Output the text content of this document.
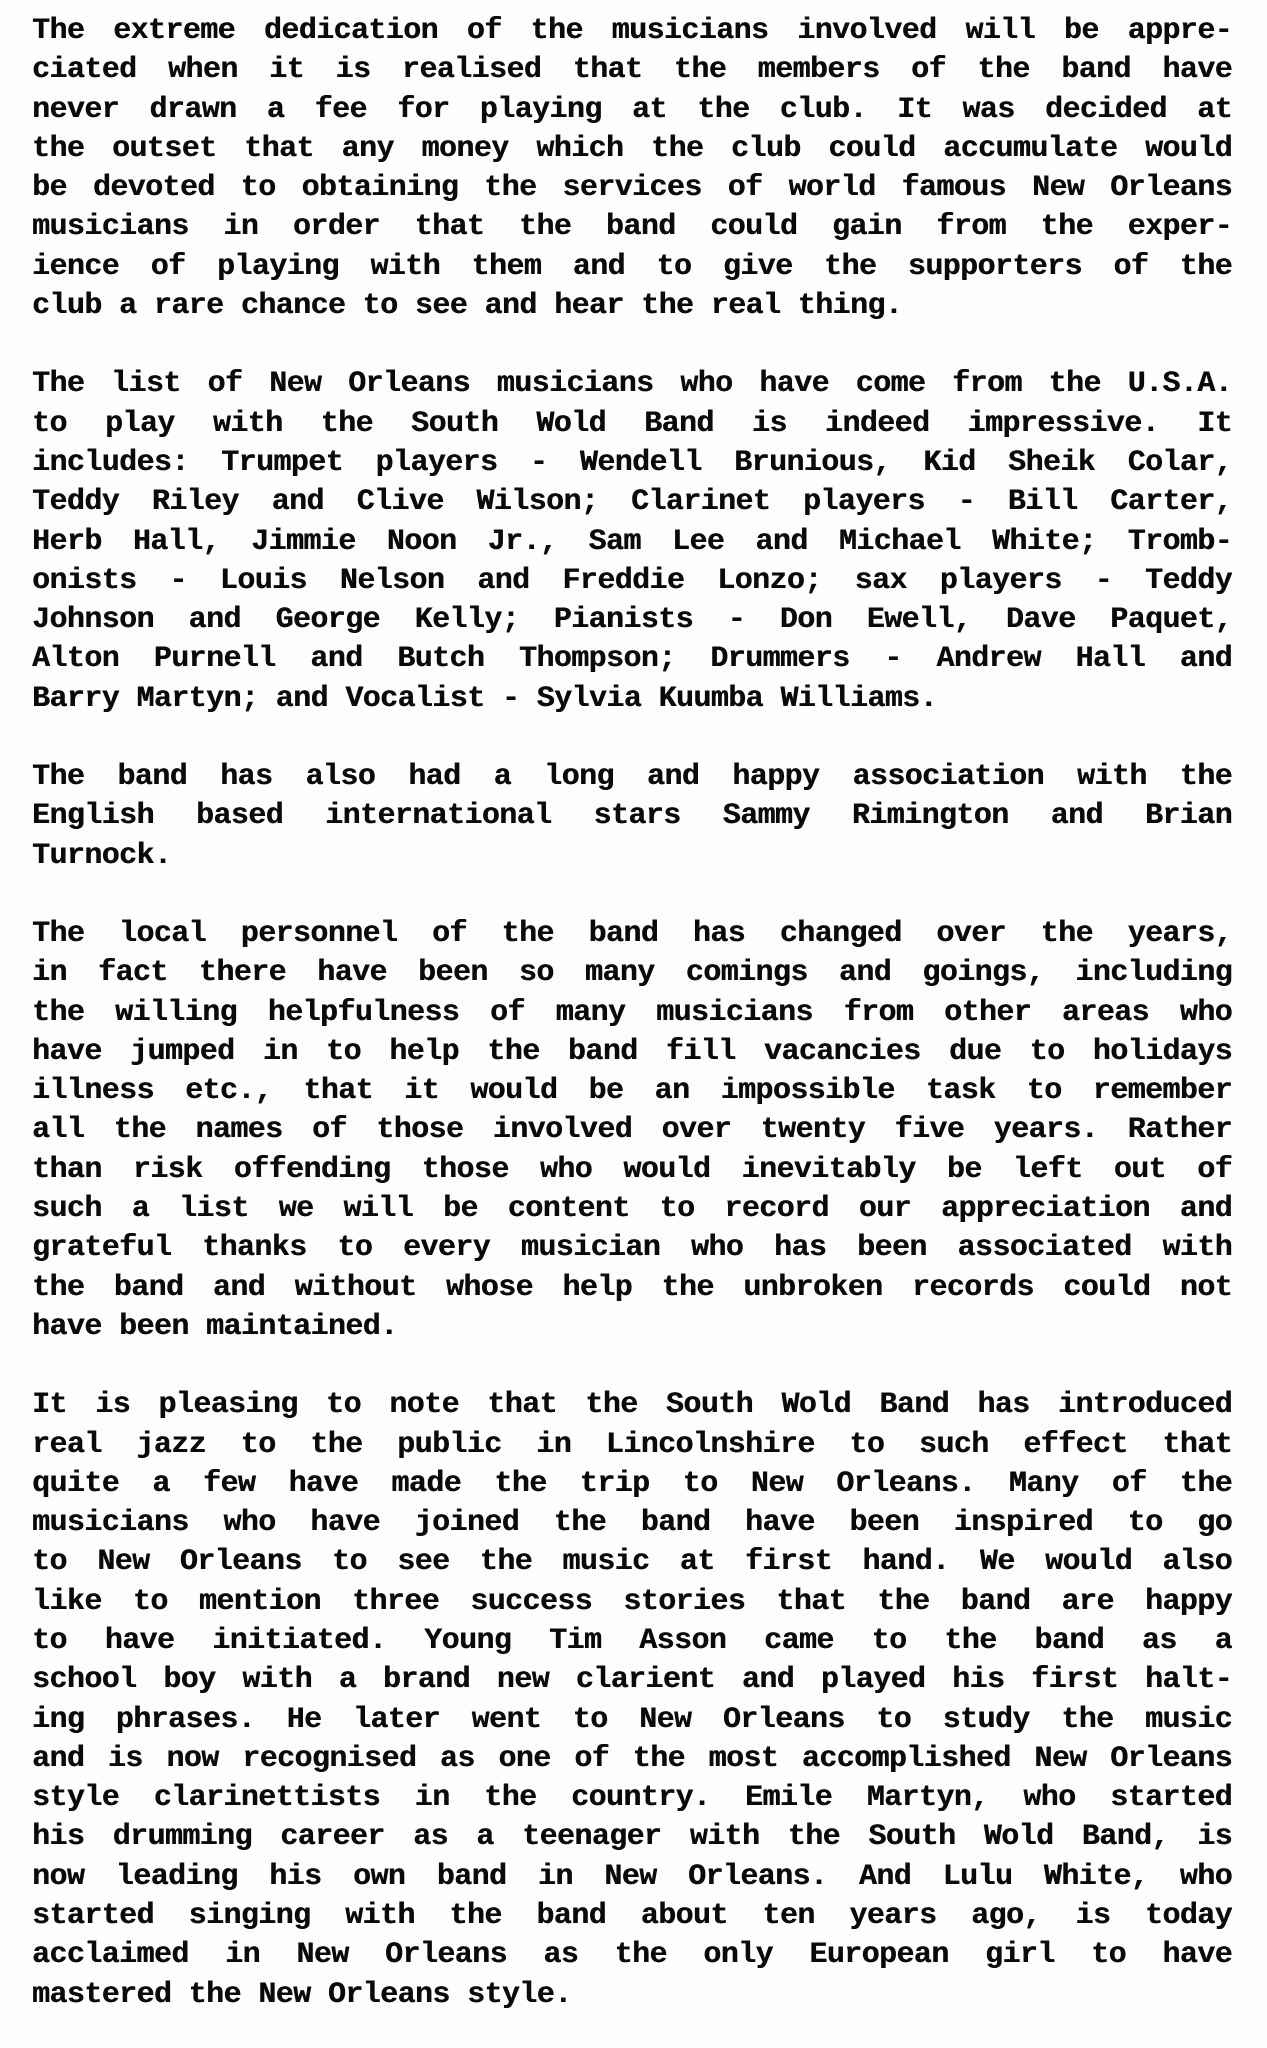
The extreme dedication of the musicians involved will be appre-
ciated when it is realised that the members of the band have
never drawn a fee for playing at the club. It was decided at
the outset that any money which the club could accumulate would
be devoted to obtaining the services of world famous New Orleans
musicians in order that the band could gain from the exper-
ience of playing with them and to give the supporters of the
club a rare chance to see and hear the real thing.
The list of New Orleans musicians who have come from the U.S.A.
to play with the South Wold Band is indeed impressive. It
includes: Trumpet players - Wendell Brunious, Kid Sheik Colar,
Teddy Riley and Clive Wilson; Clarinet players - Bill Carter,
Herb Hall, Jimmie Noon Jr., Sam Lee and Michael White; Tromb-
onists - Louis Nelson and Freddie Lonzo; sax players - Teddy
Johnson and George Kelly; Pianists - Don Ewell, Dave Paquet,
Alton Purnell and Butch Thompson; Drummers - Andrew Hall and
Barry Martyn; and Vocalist - Sylvia Kuumba Williams.
The band has also had a long and happy association with the
English based international stars Sammy Rimington and Brian
Turnock.
The local personnel of the band has changed over the years,
in fact there have been so many comings and goings, including
the willing helpfulness of many musicians from other areas who
have jumped in to help the band fill vacancies due to holidays
illness etc., that it would be an impossible task to remember
all the names of those involved over twenty five years. Rather
than risk offending those who would inevitably be left out of
such a list we will be content to record our appreciation and
grateful thanks to every musician who has been associated with
the band and without whose help the unbroken records could not
have been maintained.
It is pleasing to note that the South Wold Band has introduced
real jazz to the public in Lincolnshire to such effect that
quite a few have made the trip to New Orleans. Many of the
musicians who have joined the band have been inspired to go
to New Orleans to see the music at first hand. We would also
like to mention three success stories that the band are happy
to have initiated. Young Tim Asson came to the band as a
school boy with a brand new clarient and played his first halt-
ing phrases. He later went to New Orleans to study the music
and is now recognised as one of the most accomplished New Orleans
style clarinettists in the country. Emile Martyn, who started
his drumming career as a teenager with the South Wold Band, is
now leading his own band in New Orleans. And Lulu White, who
started singing with the band about ten years ago, is today
acclaimed in New Orleans as the only European girl to have
mastered the New Orleans style.
